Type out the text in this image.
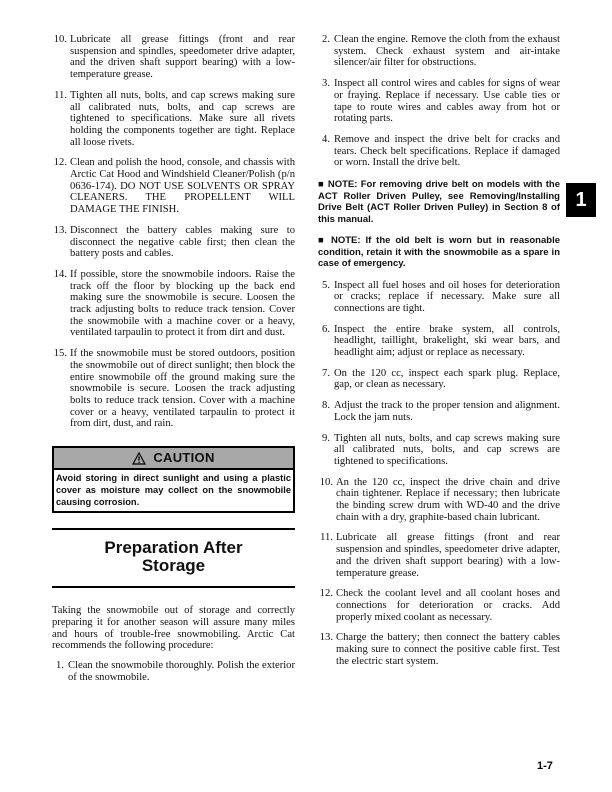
10. Lubricate all grease fittings (front and rear suspension and spindles, speedometer drive adapter, and the driven shaft support bearing) with a low-temperature grease.
11. Tighten all nuts, bolts, and cap screws making sure all calibrated nuts, bolts, and cap screws are tightened to specifications. Make sure all rivets holding the components together are tight. Replace all loose rivets.
12. Clean and polish the hood, console, and chassis with Arctic Cat Hood and Windshield Cleaner/Polish (p/n 0636-174). DO NOT USE SOLVENTS OR SPRAY CLEANERS. THE PROPELLENT WILL DAMAGE THE FINISH.
13. Disconnect the battery cables making sure to disconnect the negative cable first; then clean the battery posts and cables.
14. If possible, store the snowmobile indoors. Raise the track off the floor by blocking up the back end making sure the snowmobile is secure. Loosen the track adjusting bolts to reduce track tension. Cover the snowmobile with a machine cover or a heavy, ventilated tarpaulin to protect it from dirt and dust.
15. If the snowmobile must be stored outdoors, position the snowmobile out of direct sunlight; then block the entire snowmobile off the ground making sure the snowmobile is secure. Loosen the track adjusting bolts to reduce track tension. Cover with a machine cover or a heavy, ventilated tarpaulin to protect it from dirt, dust, and rain.
CAUTION
Avoid storing in direct sunlight and using a plastic cover as moisture may collect on the snowmobile causing corrosion.
Preparation After
Storage

Taking the snowmobile out of storage and correctly preparing it for another season will assure many miles and hours of trouble-free snowmobiling. Arctic Cat recommends the following procedure:

1. Clean the snowmobile thoroughly. Polish the exterior of the snowmobile.
2. Clean the engine. Remove the cloth from the exhaust system. Check exhaust system and air-intake silencer/air filter for obstructions.
3. Inspect all control wires and cables for signs of wear or fraying. Replace if necessary. Use cable ties or tape to route wires and cables away from hot or rotating parts.
4. Remove and inspect the drive belt for cracks and tears. Check belt specifications. Replace if damaged or worn. Install the drive belt.

■ NOTE: For removing drive belt on models with the ACT Roller Driven Pulley, see Removing/Installing Drive Belt (ACT Roller Driven Pulley) in Section 8 of this manual.

■ NOTE: If the old belt is worn but in reasonable condition, retain it with the snowmobile as a spare in case of emergency.

5. Inspect all fuel hoses and oil hoses for deterioration or cracks; replace if necessary. Make sure all connections are tight.
6. Inspect the entire brake system, all controls, headlight, taillight, brakelight, ski wear bars, and headlight aim; adjust or replace as necessary.
7. On the 120 cc, inspect each spark plug. Replace, gap, or clean as necessary.
8. Adjust the track to the proper tension and alignment. Lock the jam nuts.
9. Tighten all nuts, bolts, and cap screws making sure all calibrated nuts, bolts, and cap screws are tightened to specifications.
10. An the 120 cc, inspect the drive chain and drive chain tightener. Replace if necessary; then lubricate the binding screw drum with WD-40 and the drive chain with a dry, graphite-based chain lubricant.
11. Lubricate all grease fittings (front and rear suspension and spindles, speedometer drive adapter, and the driven shaft support bearing) with a low-temperature grease.
12. Check the coolant level and all coolant hoses and connections for deterioration or cracks. Add properly mixed coolant as necessary.
13. Charge the battery; then connect the battery cables making sure to connect the positive cable first. Test the electric start system.
1
1-7
